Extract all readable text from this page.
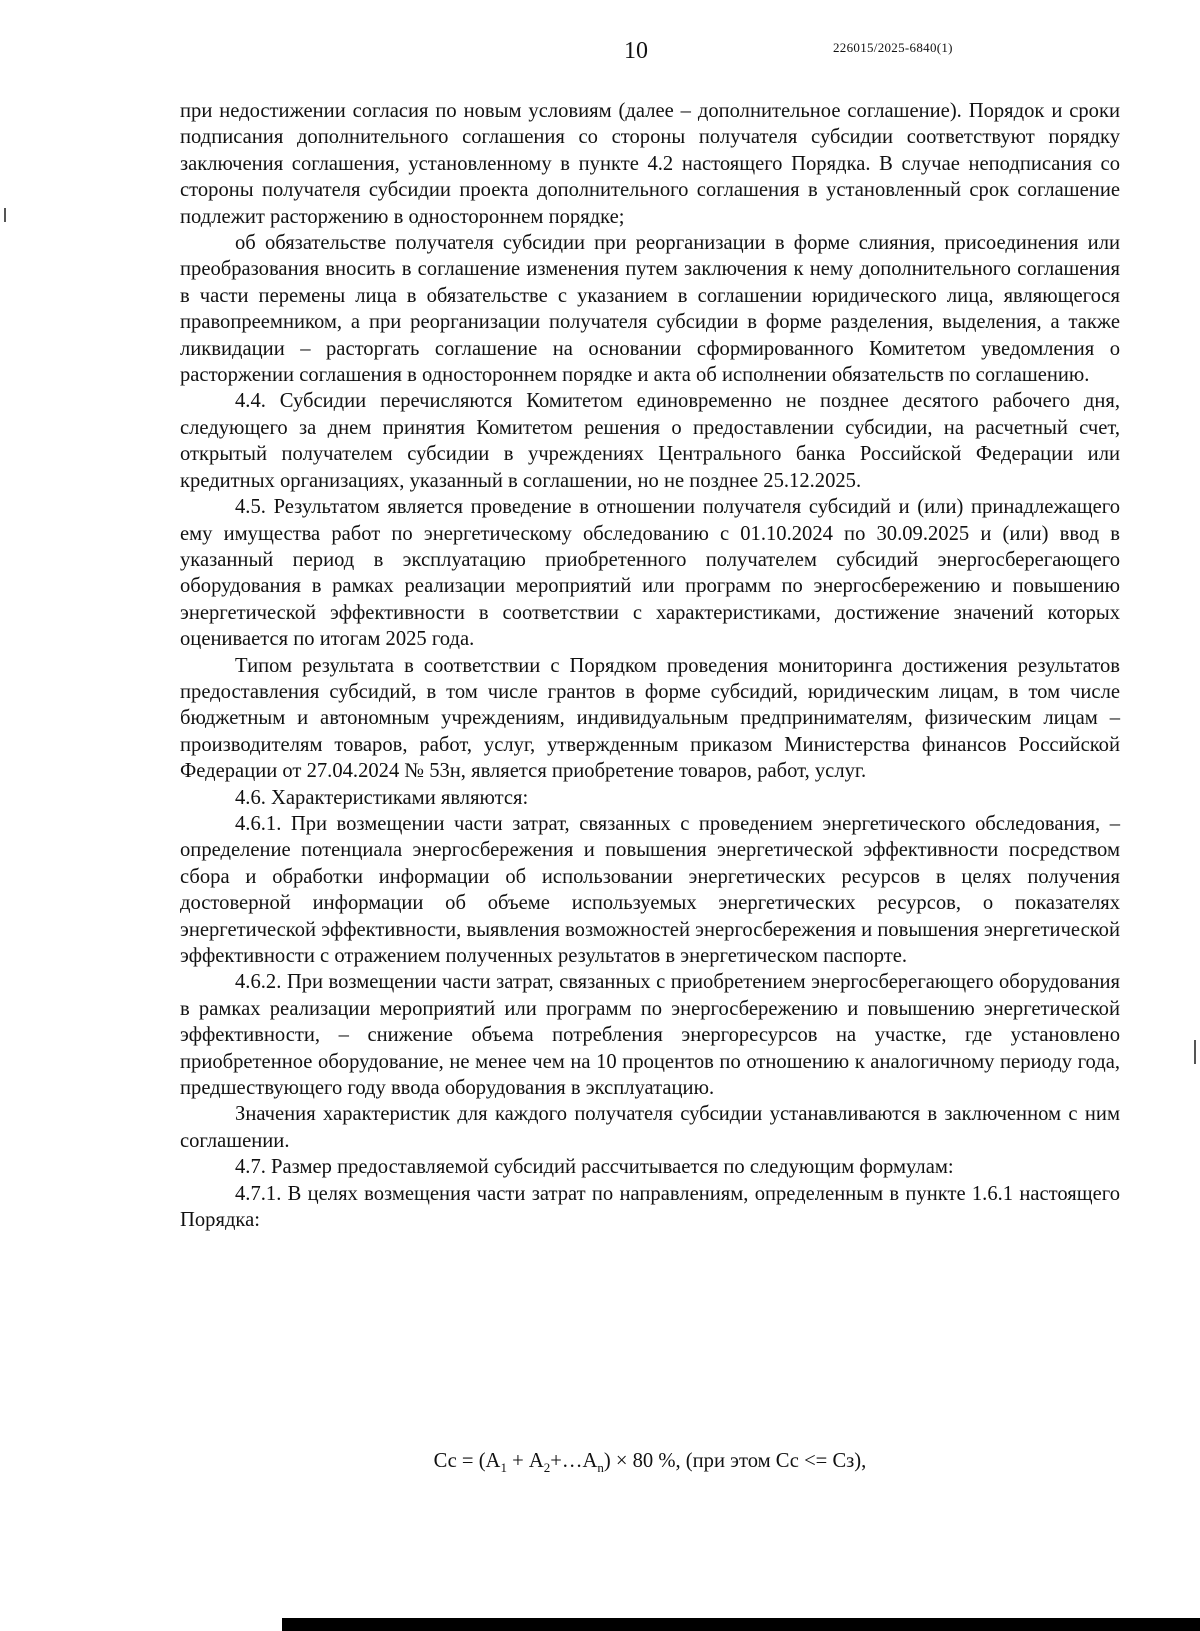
10	226015/2025-6840(1)

при недостижении согласия по новым условиям (далее – дополнительное соглашение). Порядок и сроки подписания дополнительного соглашения со стороны получателя субсидии соответствуют порядку заключения соглашения, установленному в пункте 4.2 настоящего Порядка. В случае неподписания со стороны получателя субсидии проекта дополнительного соглашения в установленный срок соглашение подлежит расторжению в одностороннем порядке;

об обязательстве получателя субсидии при реорганизации в форме слияния, присоединения или преобразования вносить в соглашение изменения путем заключения к нему дополнительного соглашения в части перемены лица в обязательстве с указанием в соглашении юридического лица, являющегося правопреемником, а при реорганизации получателя субсидии в форме разделения, выделения, а также ликвидации – расторгать соглашение на основании сформированного Комитетом уведомления о расторжении соглашения в одностороннем порядке и акта об исполнении обязательств по соглашению.

4.4. Субсидии перечисляются Комитетом единовременно не позднее десятого рабочего дня, следующего за днем принятия Комитетом решения о предоставлении субсидии, на расчетный счет, открытый получателем субсидии в учреждениях Центрального банка Российской Федерации или кредитных организациях, указанный в соглашении, но не позднее 25.12.2025.

4.5. Результатом является проведение в отношении получателя субсидий и (или) принадлежащего ему имущества работ по энергетическому обследованию с 01.10.2024 по 30.09.2025 и (или) ввод в указанный период в эксплуатацию приобретенного получателем субсидий энергосберегающего оборудования в рамках реализации мероприятий или программ по энергосбережению и повышению энергетической эффективности в соответствии с характеристиками, достижение значений которых оценивается по итогам 2025 года.

Типом результата в соответствии с Порядком проведения мониторинга достижения результатов предоставления субсидий, в том числе грантов в форме субсидий, юридическим лицам, в том числе бюджетным и автономным учреждениям, индивидуальным предпринимателям, физическим лицам – производителям товаров, работ, услуг, утвержденным приказом Министерства финансов Российской Федерации от 27.04.2024 № 53н, является приобретение товаров, работ, услуг.

4.6. Характеристиками являются:

4.6.1. При возмещении части затрат, связанных с проведением энергетического обследования, – определение потенциала энергосбережения и повышения энергетической эффективности посредством сбора и обработки информации об использовании энергетических ресурсов в целях получения достоверной информации об объеме используемых энергетических ресурсов, о показателях энергетической эффективности, выявления возможностей энергосбережения и повышения энергетической эффективности с отражением полученных результатов в энергетическом паспорте.

4.6.2. При возмещении части затрат, связанных с приобретением энергосберегающего оборудования в рамках реализации мероприятий или программ по энергосбережению и повышению энергетической эффективности, – снижение объема потребления энергоресурсов на участке, где установлено приобретенное оборудование, не менее чем на 10 процентов по отношению к аналогичному периоду года, предшествующего году ввода оборудования в эксплуатацию.

Значения характеристик для каждого получателя субсидии устанавливаются в заключенном с ним соглашении.

4.7. Размер предоставляемой субсидий рассчитывается по следующим формулам:

4.7.1. В целях возмещения части затрат по направлениям, определенным в пункте 1.6.1 настоящего Порядка:

Сс = ($А_1$ + $А_2+\dots А_n) \times 80$ %, (при этом Сс <= Сз),
